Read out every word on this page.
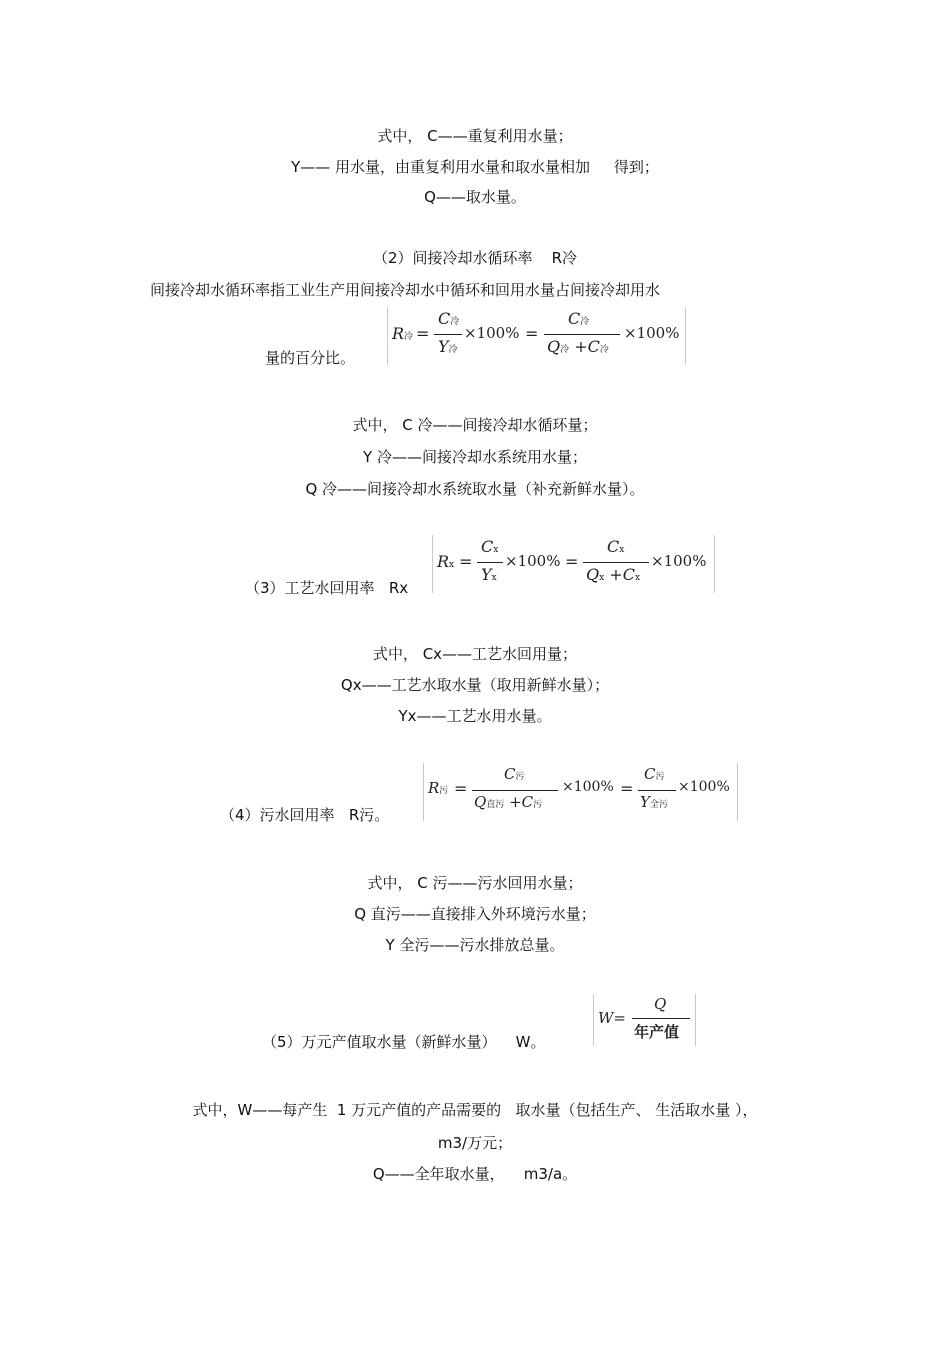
式中， C——重复利用水量；
Y—— 用水量，由重复利用水量和取水量相加     得到；
Q——取水量。
（2）间接冷却水循环率    R冷
间接冷却水循环率指工业生产用间接冷却水中循环和回用水量占间接冷却用水
量的百分比。
R冷 =
C冷
Y冷
×100% =
C冷
Q冷 +C冷
×100%
式中， C 冷——间接冷却水循环量；
Y 冷——间接冷却水系统用水量；
Q 冷——间接冷却水系统取水量（补充新鲜水量）。
（3）工艺水回用率   Rx
Rx =
Cx
Yx
×100% =
Cx
Qx +Cx
×100%
式中， Cx——工艺水回用量；
Qx——工艺水取水量（取用新鲜水量）；
Yx——工艺水用水量。
（4）污水回用率   R污。
R污 =
C污
Q直污 +C污
×100% =
C污
Y全污
×100%
式中， C 污——污水回用水量；
Q 直污——直接排入外环境污水量；
Y 全污——污水排放总量。
（5）万元产值取水量（新鲜水量）    W。
W=
Q
年产值
式中，W——每产生  1 万元产值的产品需要的   取水量（包括生产、 生活取水量 ），
m3/万元；
Q——全年取水量，    m3/a。
